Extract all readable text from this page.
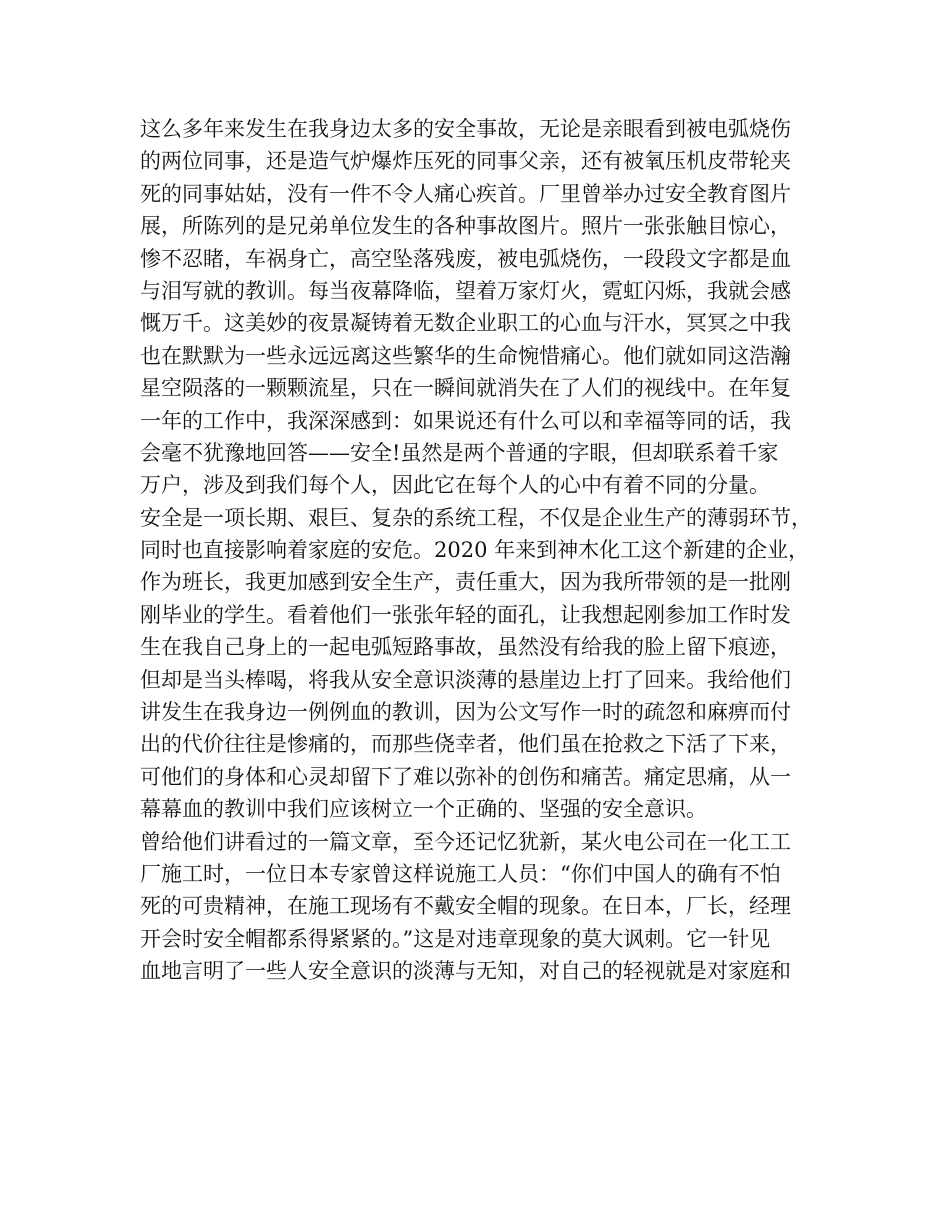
这么多年来发生在我身边太多的安全事故，无论是亲眼看到被电弧烧伤
的两位同事，还是造气炉爆炸压死的同事父亲，还有被氧压机皮带轮夹
死的同事姑姑，没有一件不令人痛心疾首。厂里曾举办过安全教育图片
展，所陈列的是兄弟单位发生的各种事故图片。照片一张张触目惊心，
惨不忍睹，车祸身亡，高空坠落残废，被电弧烧伤，一段段文字都是血
与泪写就的教训。每当夜幕降临，望着万家灯火，霓虹闪烁，我就会感
慨万千。这美妙的夜景凝铸着无数企业职工的心血与汗水，冥冥之中我
也在默默为一些永远远离这些繁华的生命惋惜痛心。他们就如同这浩瀚
星空陨落的一颗颗流星，只在一瞬间就消失在了人们的视线中。在年复
一年的工作中，我深深感到：如果说还有什么可以和幸福等同的话，我
会毫不犹豫地回答——安全!虽然是两个普通的字眼，但却联系着千家
万户，涉及到我们每个人，因此它在每个人的心中有着不同的分量。
安全是一项长期、艰巨、复杂的系统工程，不仅是企业生产的薄弱环节，
同时也直接影响着家庭的安危。2020 年来到神木化工这个新建的企业，
作为班长，我更加感到安全生产，责任重大，因为我所带领的是一批刚
刚毕业的学生。看着他们一张张年轻的面孔，让我想起刚参加工作时发
生在我自己身上的一起电弧短路事故，虽然没有给我的脸上留下痕迹，
但却是当头棒喝，将我从安全意识淡薄的悬崖边上打了回来。我给他们
讲发生在我身边一例例血的教训，因为公文写作一时的疏忽和麻痹而付
出的代价往往是惨痛的，而那些侥幸者，他们虽在抢救之下活了下来，
可他们的身体和心灵却留下了难以弥补的创伤和痛苦。痛定思痛，从一
幕幕血的教训中我们应该树立一个正确的、坚强的安全意识。
曾给他们讲看过的一篇文章，至今还记忆犹新，某火电公司在一化工工
厂施工时，一位日本专家曾这样说施工人员：“你们中国人的确有不怕
死的可贵精神，在施工现场有不戴安全帽的现象。在日本，厂长，经理
开会时安全帽都系得紧紧的。”这是对违章现象的莫大讽刺。它一针见
血地言明了一些人安全意识的淡薄与无知，对自己的轻视就是对家庭和
